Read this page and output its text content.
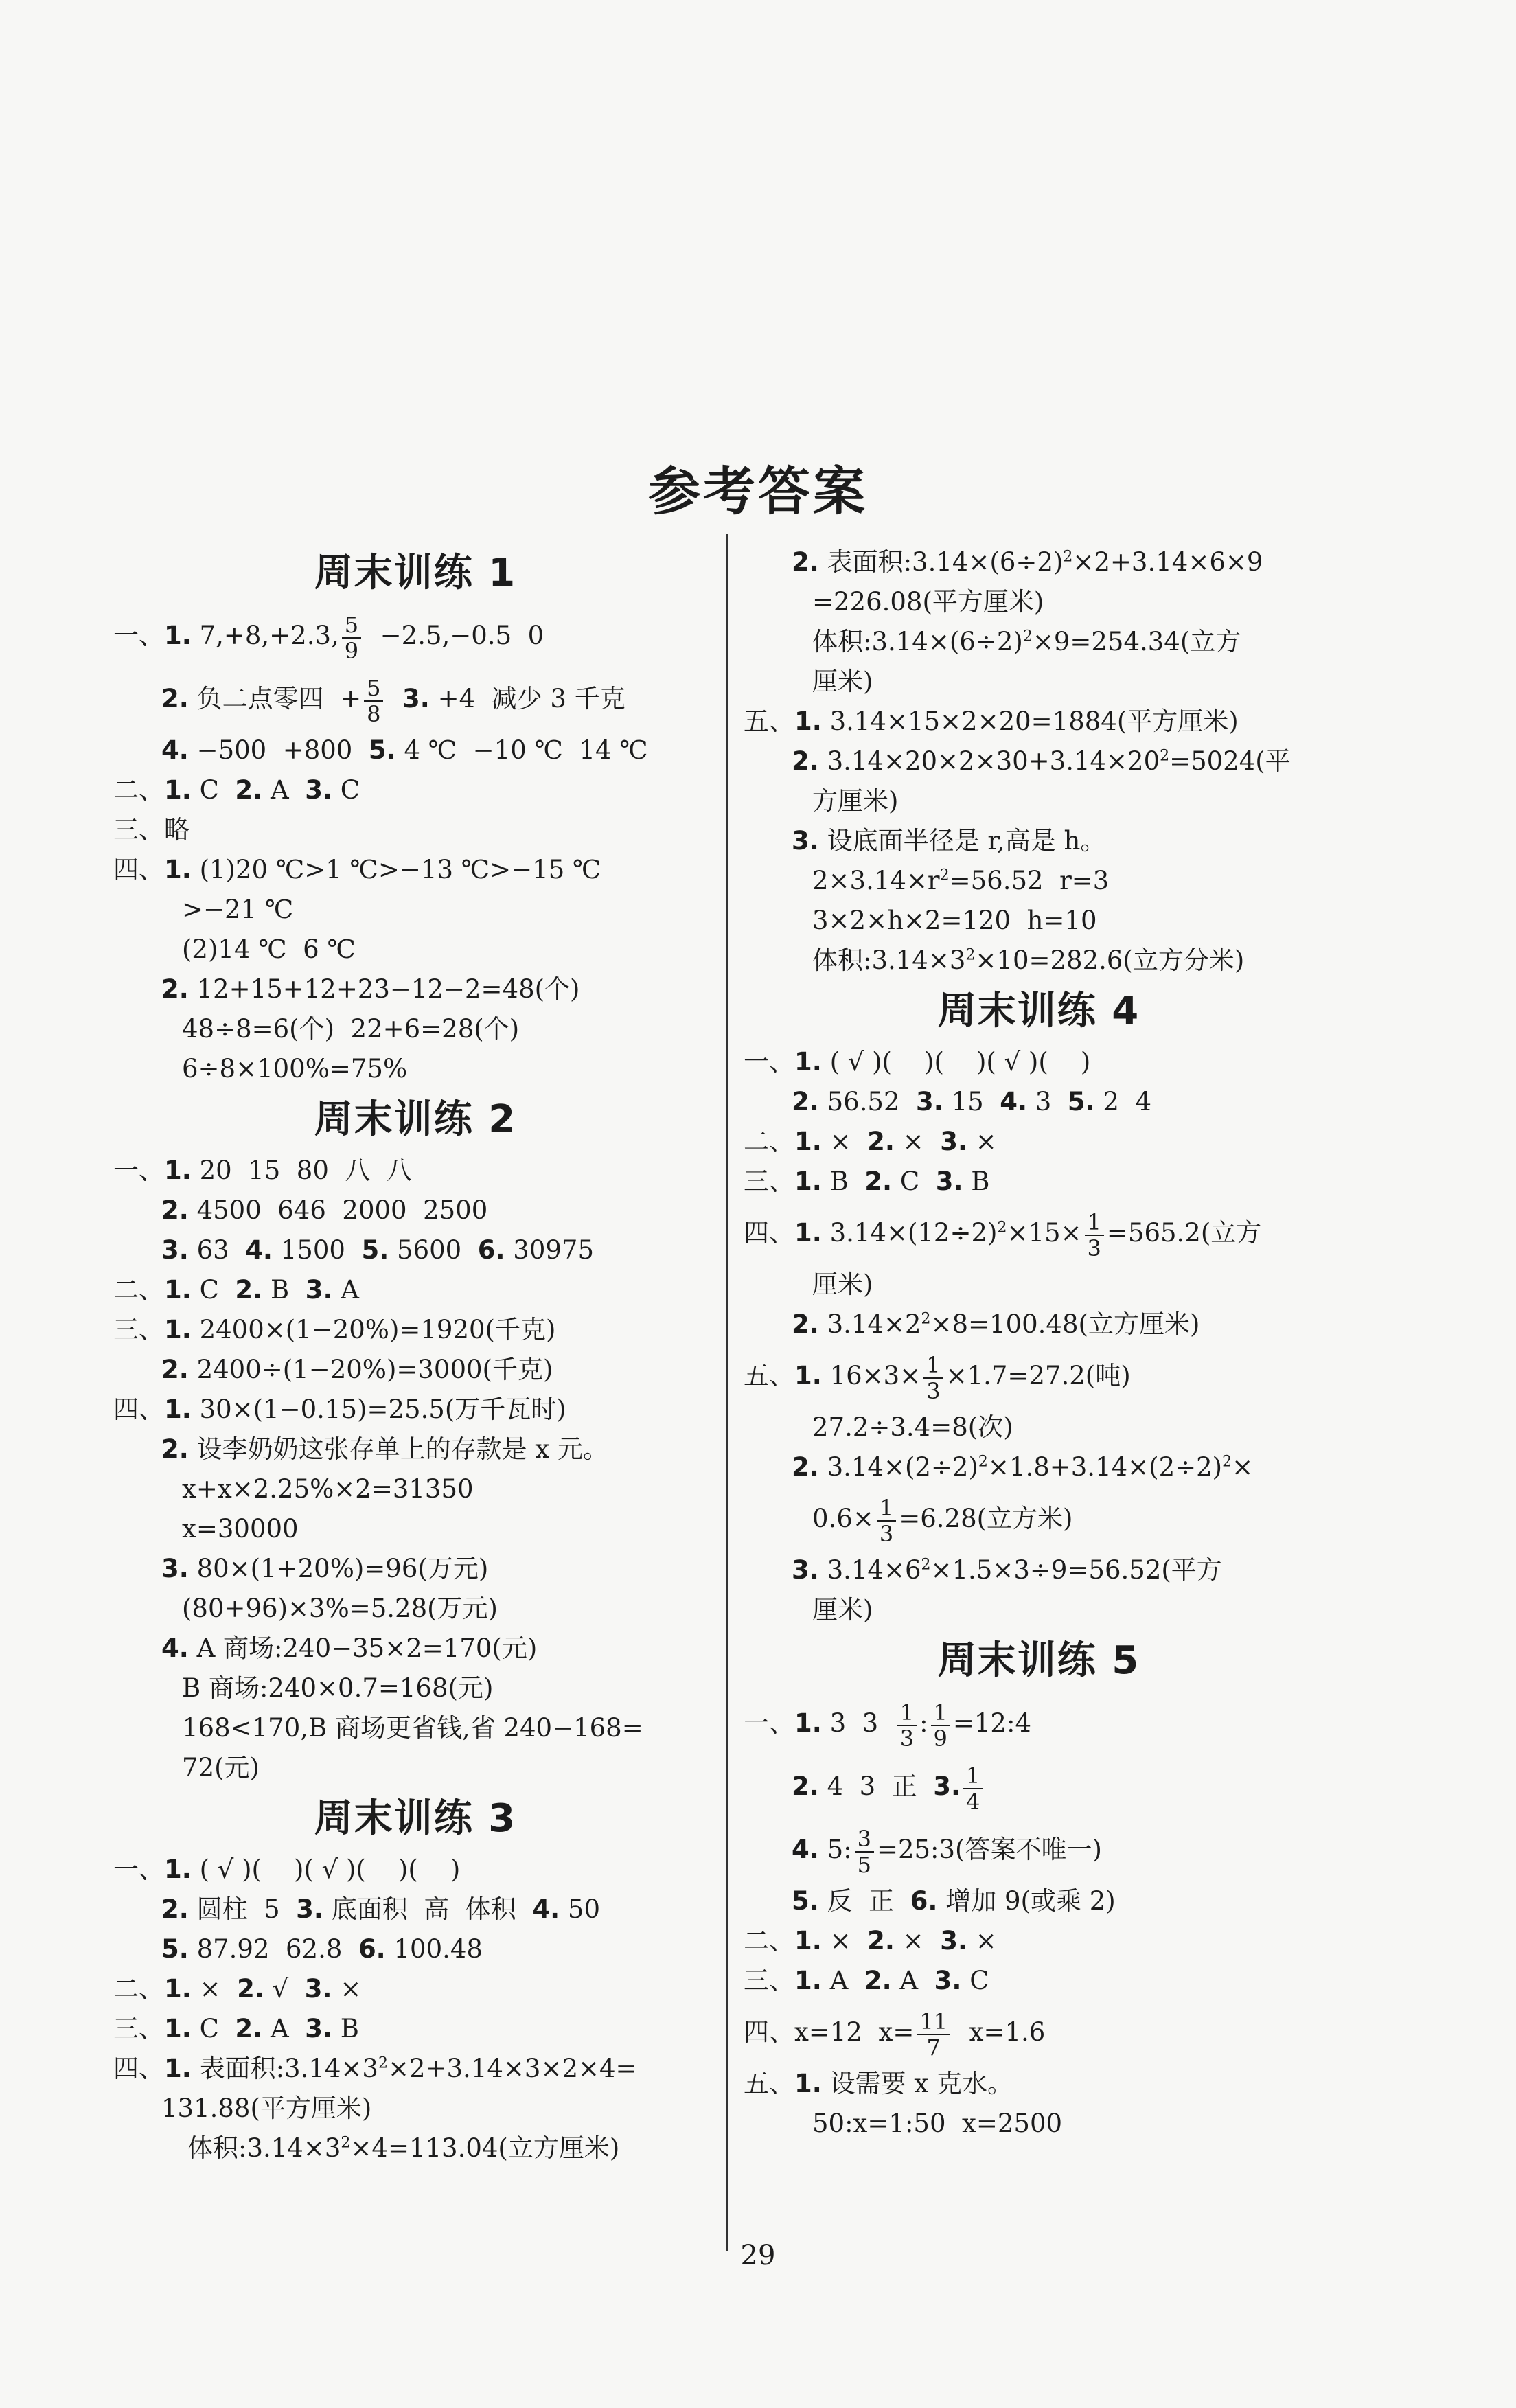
参考答案
周末训练 1
一、1. 7,+8,+2.3, $\frac{5}{9} -2.5,-0.5$  0
2. 负二点零四  + $\frac{5}{8} 3$. +4  减少 3 千克
4. −500  +800  5. 4 ℃  −10 ℃  14 ℃
二、1. C  2. A  3. C
三、略
四、1. (1)20 ℃>1 ℃>−13 ℃>−15 ℃
>−21 ℃
(2)14 ℃  6 ℃
2. 12+15+12+23−12−2=48(个)
48÷8=6(个)  22+6=28(个)
6÷8×100%=75%
周末训练 2
一、1. 20  15  80  八  八
2. 4500  646  2000  2500
3. 63  4. 1500  5. 5600  6. 30975
二、1. C  2. B  3. A
三、1. 2400×(1−20%)=1920(千克)
2. 2400÷(1−20%)=3000(千克)
四、1. 30×(1−0.15)=25.5(万千瓦时)
2. 设李奶奶这张存单上的存款是 x 元。
x+x×2.25%×2=31350
x=30000
3. 80×(1+20%)=96(万元)
(80+96)×3%=5.28(万元)
4. A 商场:240−35×2=170(元)
B 商场:240×0.7=168(元)
168<170,B 商场更省钱,省 240−168=
72(元)
周末训练 3
一、1. ( √ )(    )( √ )(    )(    )
2. 圆柱  5  3. 底面积  高  体积  4. 50
5. 87.92  62.8  6. 100.48
二、1. ×  2. √  3. ×
三、1. C  2. A  3. B
四、1. 表面积$:3.14\times 3^2\times 2+3.14\times 3\times 2\times 4=$
131.88(平方厘米)
体积$:3.14\times 3^2\times 4=113.04$(立方厘米)
2. 表面积$:3.14\times(6\div 2)^2\times 2+3.14\times 6\times 9$
=226.08(平方厘米)
体积$:3.14\times(6\div 2)^2\times 9=254.34$(立方
厘米)
五、1. 3.14×15×2×20=1884(平方厘米)
2. $3.14\times 20\times 2\times 30+3.14\times 20^2=5024$(平
方厘米)
3. 设底面半径是 r,高是 h。
$2\times 3.14\times r^2=56.52$  r=3
3×2×h×2=120  h=10
体积$:3.14\times 3^2\times 10=282.6$(立方分米)
周末训练 4
一、1. ( √ )(    )(    )( √ )(    )
2. 56.52  3. 15  4. 3  5. 2  4
二、1. ×  2. ×  3. ×
三、1. B  2. C  3. B
四、1. $3.14\times(12\div 2)^2\times 15\times \frac{1}{3} =565.2$(立方
厘米)
2. $3.14\times 2^2\times 8=100.48$(立方厘米)
五、1. $16\times 3\times \frac{1}{3} \times 1.7=27.2$(吨)
27.2÷3.4=8(次)
2. $3.14\times(2\div 2)^2\times 1.8+3.14\times(2\div 2)^2\times$
$0.6\times \frac{1}{3} =6.28$(立方米)
3. $3.14\times 6^2\times 1.5\times 3\div 9=56.52$(平方
厘米)
周末训练 5
一、1. 3  $3 \frac{1}{3}$ : $\frac{1}{9}$ =12:4
2. 4  3  正  3. $\frac{1}{4}$
4. 5: $\frac{3}{5}$ =25:3(答案不唯一)
5. 反  正  6. 增加 9(或乘 2)
二、1. ×  2. ×  3. ×
三、1. A  2. A  3. C
四、x=12  $x= \frac{11}{7} x=1.6$
五、1. 设需要 x 克水。
50:x=1:50  x=2500
29
